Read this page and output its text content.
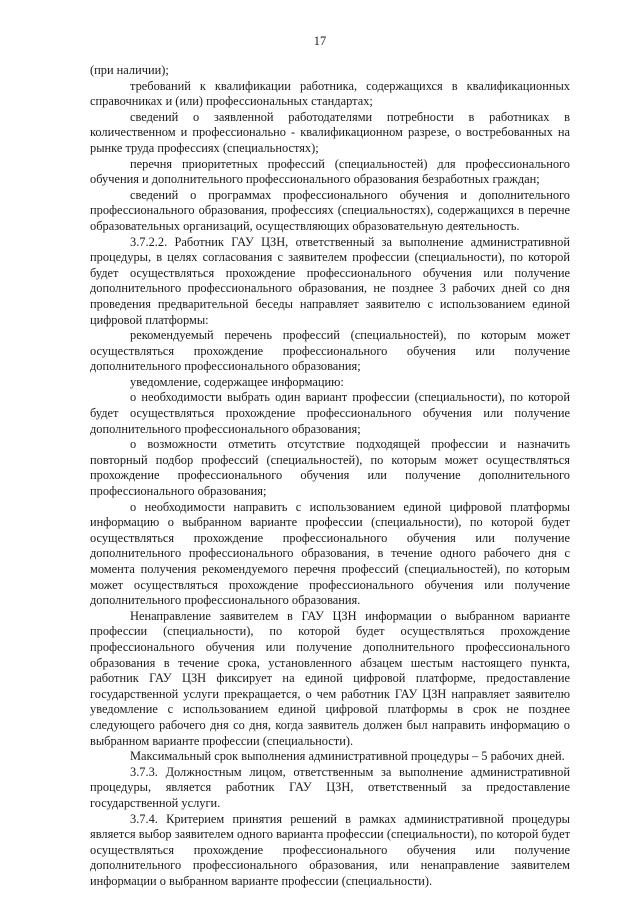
17

(при наличии);

требований к квалификации работника, содержащихся в квалификационных справочниках и (или) профессиональных стандартах;

сведений о заявленной работодателями потребности в работниках в количественном и профессионально - квалификационном разрезе, о востребованных на рынке труда профессиях (специальностях);

перечня приоритетных профессий (специальностей) для профессионального обучения и дополнительного профессионального образования безработных граждан;

сведений о программах профессионального обучения и дополнительного профессионального образования, профессиях (специальностях), содержащихся в перечне образовательных организаций, осуществляющих образовательную деятельность.

3.7.2.2. Работник ГАУ ЦЗН, ответственный за выполнение административной процедуры, в целях согласования с заявителем профессии (специальности), по которой будет осуществляться прохождение профессионального обучения или получение дополнительного профессионального образования, не позднее 3 рабочих дней со дня проведения предварительной беседы направляет заявителю с использованием единой цифровой платформы:

рекомендуемый перечень профессий (специальностей), по которым может осуществляться прохождение профессионального обучения или получение дополнительного профессионального образования;

уведомление, содержащее информацию:

о необходимости выбрать один вариант профессии (специальности), по которой будет осуществляться прохождение профессионального обучения или получение дополнительного профессионального образования;

о возможности отметить отсутствие подходящей профессии и назначить повторный подбор профессий (специальностей), по которым может осуществляться прохождение профессионального обучения или получение дополнительного профессионального образования;

о необходимости направить с использованием единой цифровой платформы информацию о выбранном варианте профессии (специальности), по которой будет осуществляться прохождение профессионального обучения или получение дополнительного профессионального образования, в течение одного рабочего дня с момента получения рекомендуемого перечня профессий (специальностей), по которым может осуществляться прохождение профессионального обучения или получение дополнительного профессионального образования.

Ненаправление заявителем в ГАУ ЦЗН информации о выбранном варианте профессии (специальности), по которой будет осуществляться прохождение профессионального обучения или получение дополнительного профессионального образования в течение срока, установленного абзацем шестым настоящего пункта, работник ГАУ ЦЗН фиксирует на единой цифровой платформе, предоставление государственной услуги прекращается, о чем работник ГАУ ЦЗН направляет заявителю уведомление с использованием единой цифровой платформы в срок не позднее следующего рабочего дня со дня, когда заявитель должен был направить информацию о выбранном варианте профессии (специальности).

Максимальный срок выполнения административной процедуры – 5 рабочих дней.

3.7.3. Должностным лицом, ответственным за выполнение административной процедуры, является работник ГАУ ЦЗН, ответственный за предоставление государственной услуги.

3.7.4. Критерием принятия решений в рамках административной процедуры является выбор заявителем одного варианта профессии (специальности), по которой будет осуществляться прохождение профессионального обучения или получение дополнительного профессионального образования, или ненаправление заявителем информации о выбранном варианте профессии (специальности).
